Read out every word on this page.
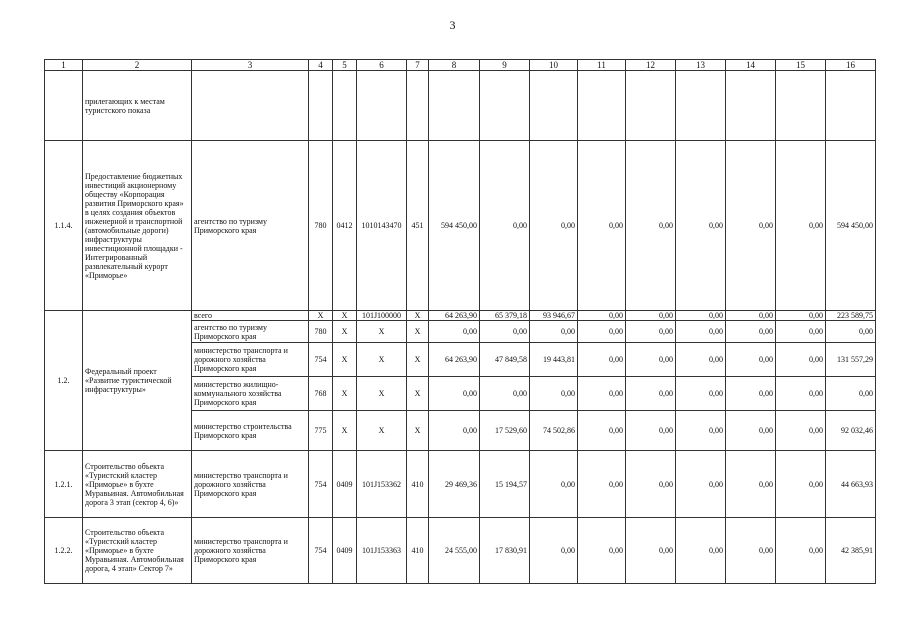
3
1	2	3	4	5	6	7	8	9	10	11	12	13	14	15	16
	прилегающих к местам туристского показа														
1.1.4.	Предоставление бюджетных инвестиций акционерному обществу «Корпорация развития Приморского края» в целях создания объектов инженерной и транспортной (автомобильные дороги) инфраструктуры инвестиционной площадки - Интегрированный развлекательный курорт «Приморье»	агентство по туризму Приморского края	780	0412	1010143470	451	594 450,00	0,00	0,00	0,00	0,00	0,00	0,00	0,00	594 450,00
1.2.	Федеральный проект «Развитие туристической инфраструктуры»	всего	Х	Х	101J100000	Х	64 263,90	65 379,18	93 946,67	0,00	0,00	0,00	0,00	0,00	223 589,75
		агентство по туризму Приморского края	780	Х	Х	Х	0,00	0,00	0,00	0,00	0,00	0,00	0,00	0,00	0,00
		министерство транспорта и дорожного хозяйства Приморского края	754	Х	Х	Х	64 263,90	47 849,58	19 443,81	0,00	0,00	0,00	0,00	0,00	131 557,29
		министерство жилищно-коммунального хозяйства Приморского края	768	Х	Х	Х	0,00	0,00	0,00	0,00	0,00	0,00	0,00	0,00	0,00
		министерство строительства Приморского края	775	Х	Х	Х	0,00	17 529,60	74 502,86	0,00	0,00	0,00	0,00	0,00	92 032,46
1.2.1.	Строительство объекта «Туристский кластер «Приморье» в бухте Муравьиная. Автомобильная дорога 3 этап (сектор 4, 6)»	министерство транспорта и дорожного хозяйства Приморского края	754	0409	101J153362	410	29 469,36	15 194,57	0,00	0,00	0,00	0,00	0,00	0,00	44 663,93
1.2.2.	Строительство объекта «Туристский кластер «Приморье» в бухте Муравьиная. Автомобильная дорога, 4 этап» Сектор 7»	министерство транспорта и дорожного хозяйства Приморского края	754	0409	101J153363	410	24 555,00	17 830,91	0,00	0,00	0,00	0,00	0,00	0,00	42 385,91
